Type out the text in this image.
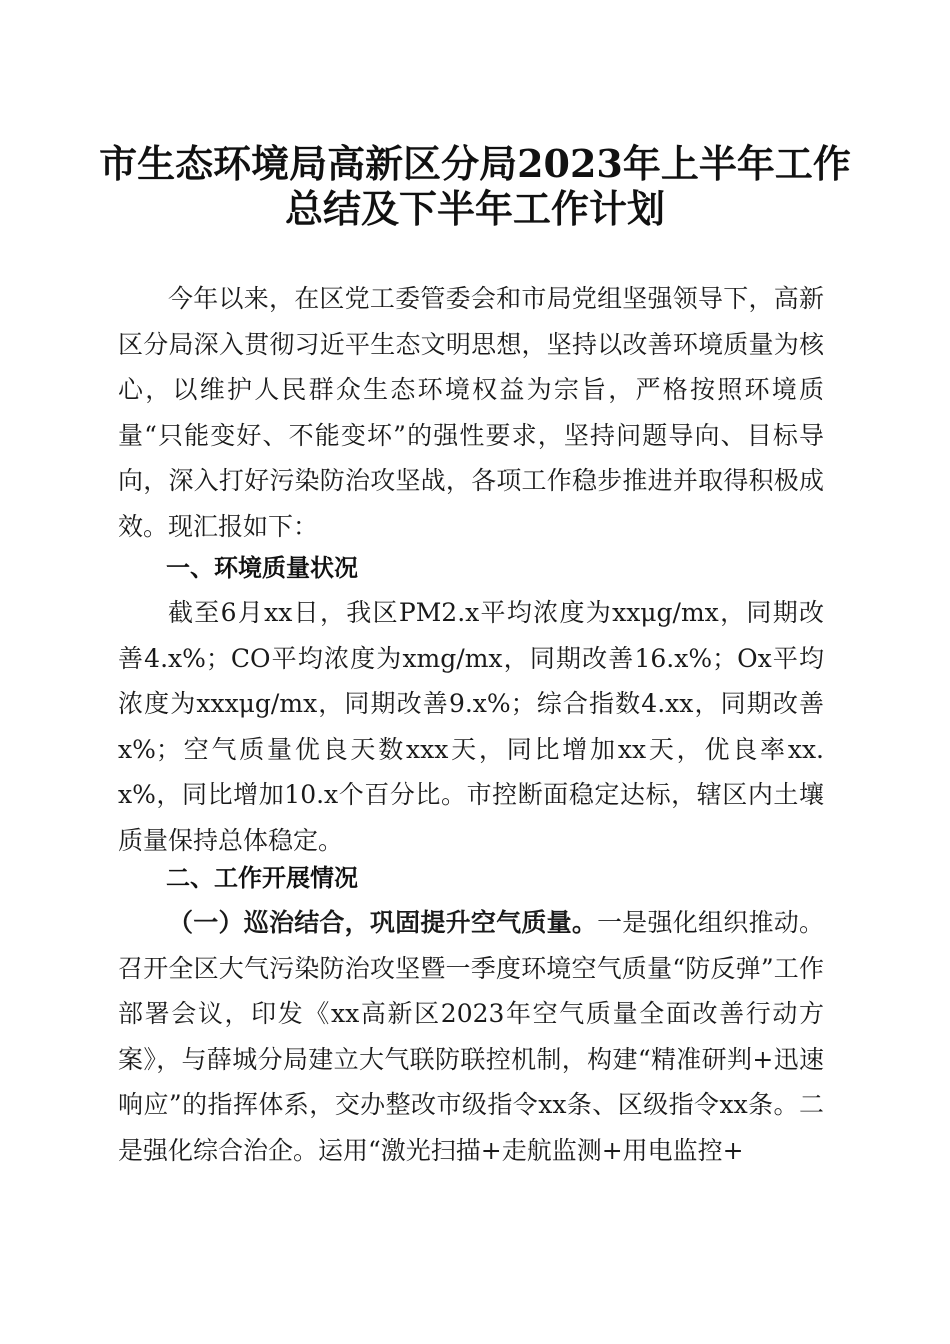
市生态环境局高新区分局2023年上半年工作
总结及下半年工作计划

今年以来，在区党工委管委会和市局党组坚强领导下，高新区分局深入贯彻习近平生态文明思想，坚持以改善环境质量为核心，以维护人民群众生态环境权益为宗旨，严格按照环境质量“只能变好、不能变坏”的强性要求，坚持问题导向、目标导向，深入打好污染防治攻坚战，各项工作稳步推进并取得积极成效。现汇报如下：

一、环境质量状况

截至6月xx日，我区PM2.x平均浓度为xxμg/mx，同期改善4.x%；CO平均浓度为xmg/mx，同期改善16.x%；Ox平均浓度为xxxμg/mx，同期改善9.x%；综合指数4.xx，同期改善x%；空气质量优良天数xxx天，同比增加xx天，优良率xx.x%，同比增加10.x个百分比。市控断面稳定达标，辖区内土壤质量保持总体稳定。

二、工作开展情况

（一）巡治结合，巩固提升空气质量。一是强化组织推动。召开全区大气污染防治攻坚暨一季度环境空气质量“防反弹”工作部署会议，印发《xx高新区2023年空气质量全面改善行动方案》，与薛城分局建立大气联防联控机制，构建“精准研判+迅速响应”的指挥体系，交办整改市级指令xx条、区级指令xx条。二是强化综合治企。运用“激光扫描+走航监测+用电监控+
